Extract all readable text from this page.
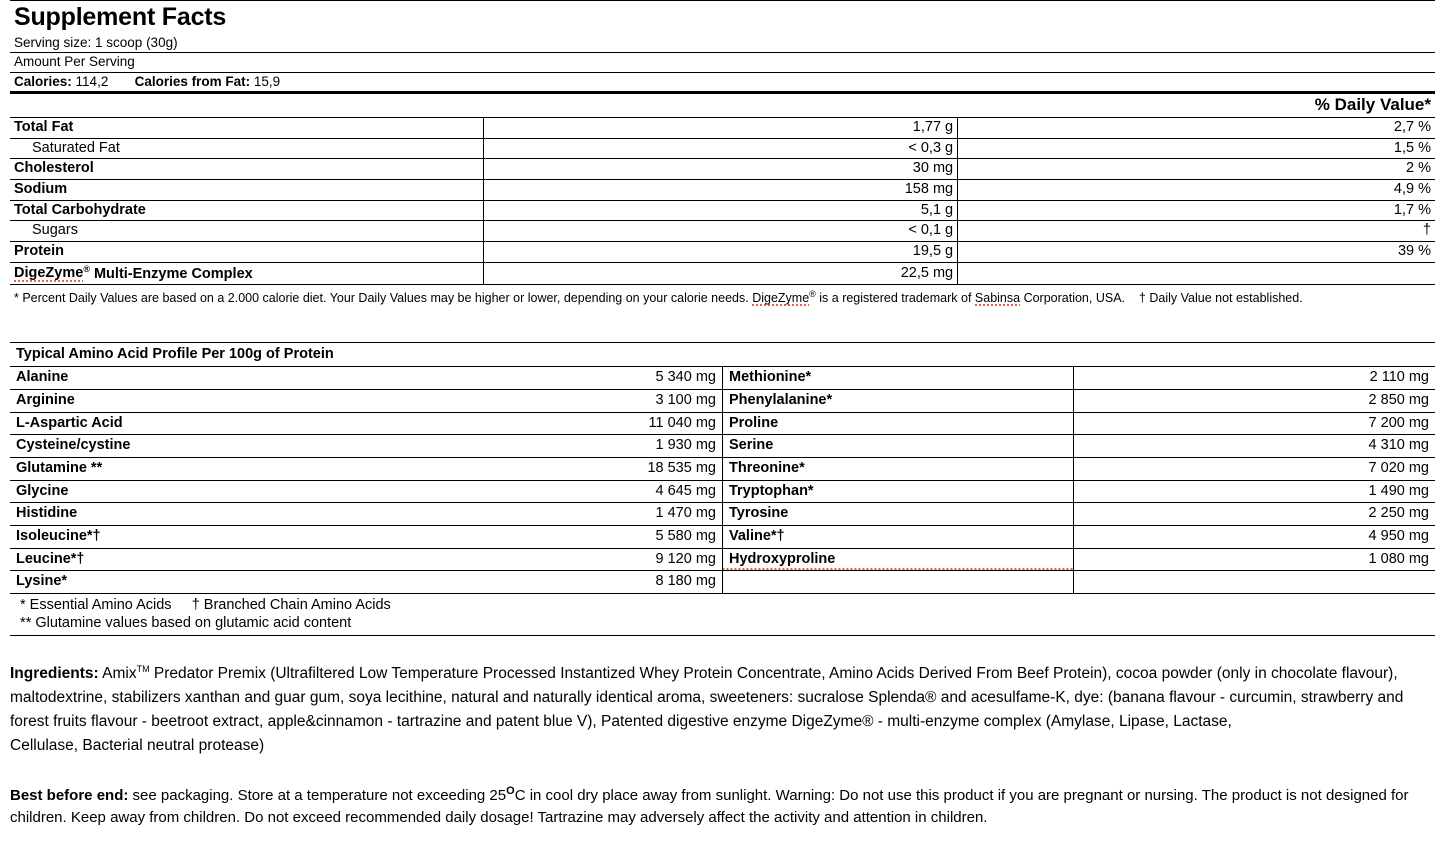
Supplement Facts		
Serving size: 1 scoop (30g)		
Amount Per Serving		
Calories: 114,2 Calories from Fat: 15,9		
		% Daily Value*
Total Fat	1,77 g	2,7 %
Saturated Fat	< 0,3 g	1,5 %
Cholesterol	30 mg	2 %
Sodium	158 mg	4,9 %
Total Carbohydrate	5,1 g	1,7 %
Sugars	< 0,1 g	†
Protein	19,5 g	39 %
DigeZyme® Multi-Enzyme Complex	22,5 mg	
* Percent Daily Values are based on a 2.000 calorie diet. Your Daily Values may be higher or lower, depending on your calorie needs. DigeZyme® is a registered trademark of Sabinsa Corporation, USA. † Daily Value not established.		
Typical Amino Acid Profile Per 100g of Protein			
Alanine	5 340 mg	Methionine*	2 110 mg
Arginine	3 100 mg	Phenylalanine*	2 850 mg
L-Aspartic Acid	11 040 mg	Proline	7 200 mg
Cysteine/cystine	1 930 mg	Serine	4 310 mg
Glutamine **	18 535 mg	Threonine*	7 020 mg
Glycine	4 645 mg	Tryptophan*	1 490 mg
Histidine	1 470 mg	Tyrosine	2 250 mg
Isoleucine*†	5 580 mg	Valine*†	4 950 mg
Leucine*†	9 120 mg	Hydroxyproline	1 080 mg
Lysine*	8 180 mg		
* Essential Amino Acids † Branched Chain Amino Acids			
** Glutamine values based on glutamic acid content			
Ingredients: Amix™ Predator Premix (Ultrafiltered Low Temperature Processed Instantized Whey Protein Concentrate, Amino Acids Derived From Beef Protein), cocoa powder (only in chocolate flavour), maltodextrine, stabilizers xanthan and guar gum, soya lecithine, natural and naturally identical aroma, sweeteners: sucralose Splenda® and acesulfame-K, dye: (banana flavour - curcumin, strawberry and forest fruits flavour - beetroot extract, apple&cinnamon - tartrazine and patent blue V), Patented digestive enzyme DigeZyme® - multi-enzyme complex (Amylase, Lipase, Lactase,
Cellulase, Bacterial neutral protease)
Best before end: see packaging. Store at a temperature not exceeding $25^OC$ in cool dry place away from sunlight. Warning: Do not use this product if you are pregnant or nursing. The product is not designed for children. Keep away from children. Do not exceed recommended daily dosage! Tartrazine may adversely affect the activity and attention in children.
